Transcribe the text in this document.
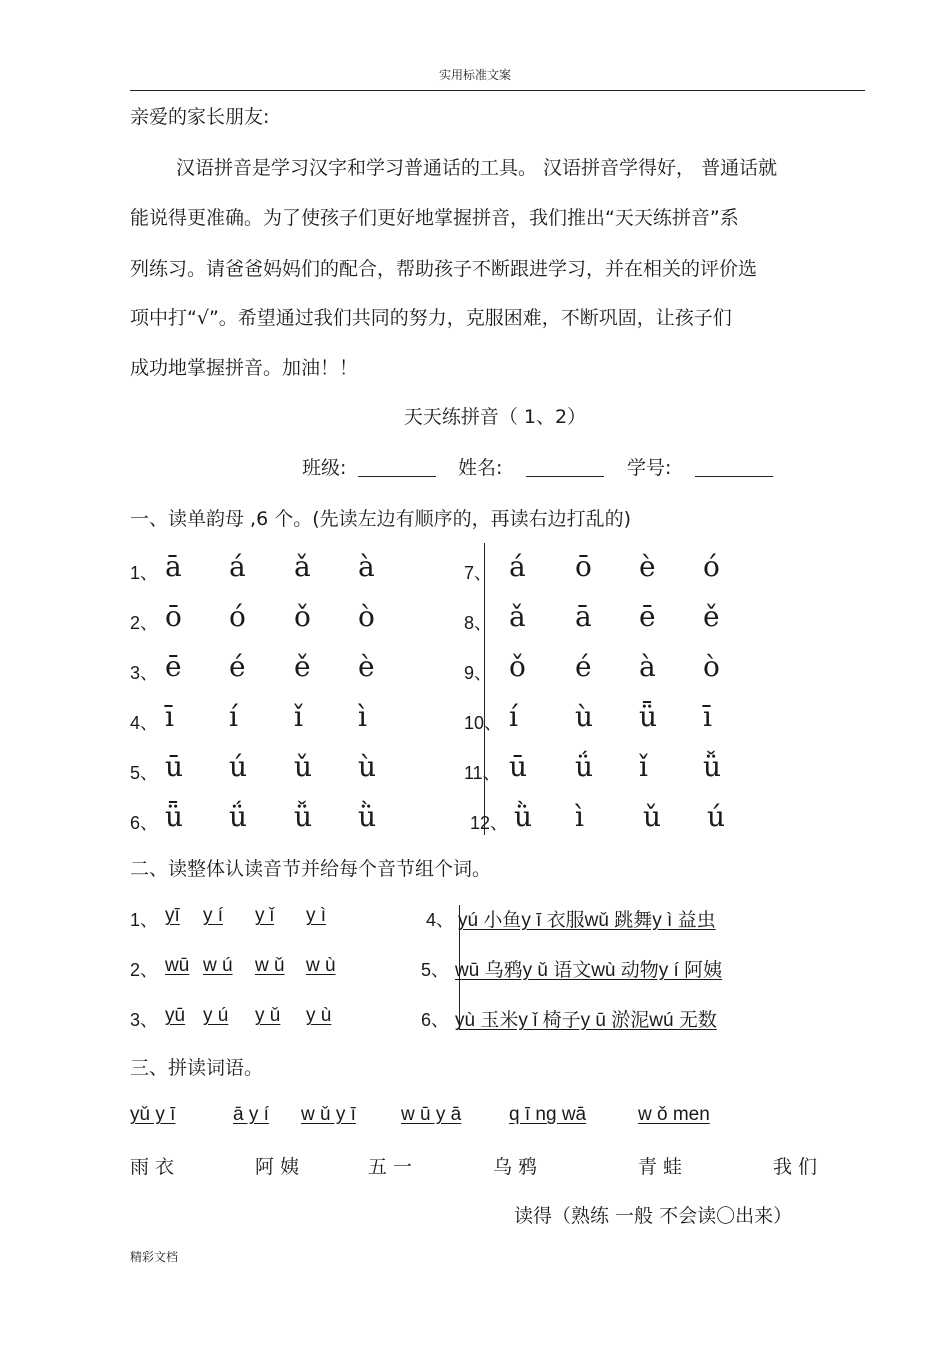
实用标准文案
亲爱的家长朋友:
汉语拼音是学习汉字和学习普通话的工具。 汉语拼音学得好， 普通话就
能说得更准确。为了使孩子们更好地掌握拼音，我们推出“天天练拼音”系
列练习。请爸爸妈妈们的配合，帮助孩子不断跟进学习，并在相关的评价选
项中打“√”。希望通过我们共同的努力，克服困难，不断巩固，让孩子们
成功地掌握拼音。加油！！
天天练拼音（ 1、2）
班级:	姓名:	学号:
一、读单韵母 ,6 个。(先读左边有顺序的，再读右边打乱的)
1、 ā á ǎ à
2、 ō ó ǒ ò
3、 ē é ě è
4、 ī í ǐ ì
5、 ū ú ǔ ù
6、 ǖ ǘ ǚ ǜ
7、 á ō è ó
8、 ǎ ā ē ě
9、 ǒ é à ò
10、 í ù ǖ ī
11、 ū ǘ ǐ ǚ
12、 ǜ ì ǔ ú
二、读整体认读音节并给每个音节组个词。
1、 yī y í y ǐ y ì
2、 wū w ú w ǔ w ù
3、 yū y ú y ǔ y ù
4、 yú 小鱼y ī 衣服wǔ 跳舞y ì 益虫
5、 wū 乌鸦y ǔ 语文wù 动物y í 阿姨
6、 yù 玉米y ǐ 椅子y ū 淤泥wú 无数
三、拼读词语。
yǔ y ī	ā y í w ǔ y ī w ū y ā	q ī ng wā	w ǒ men
雨 衣	阿 姨	五 一	乌 鸦	青 蛙	我 们
读得（熟练 一般 不会读〇出来）
精彩文档
